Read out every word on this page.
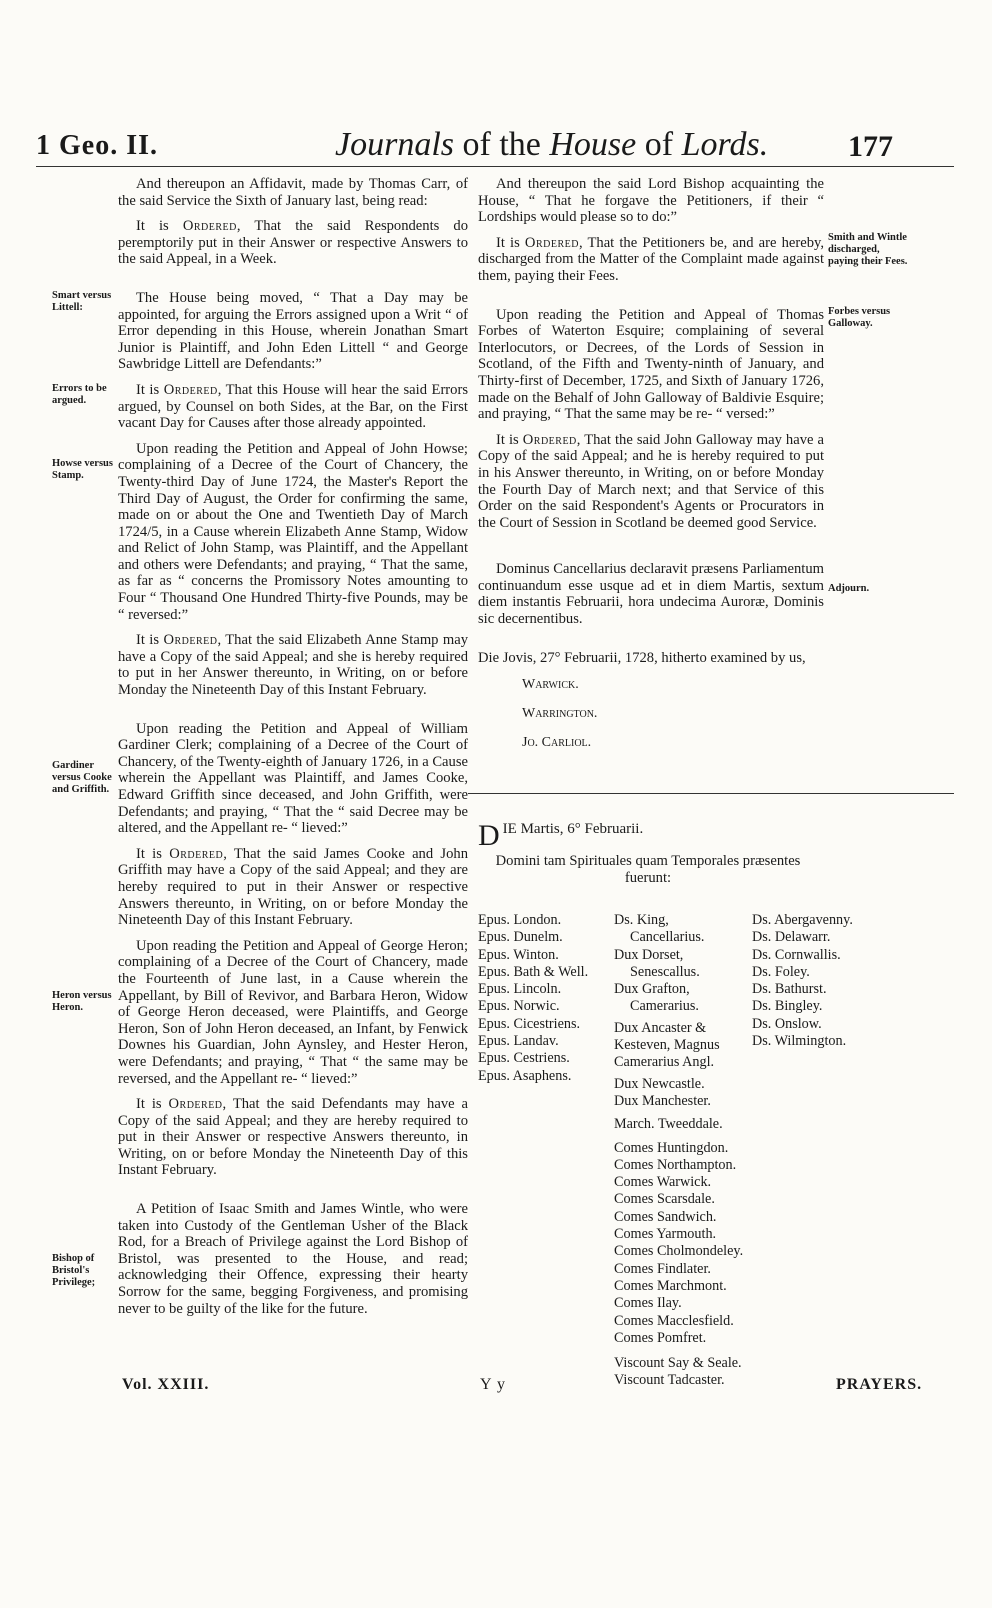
1 Geo. II.	Journals of the House of Lords.	177
Smart versus Littell:
Errors to be argued.
Howse versus Stamp.
Gardiner versus Cooke and Griffith.
Heron versus Heron.
Bishop of Bristol's Privilege;
Smith and Wintle discharged, paying their Fees.
Forbes versus Galloway.
Adjourn.

And thereupon an Affidavit, made by Thomas Carr, of the said Service the Sixth of January last, being read:

It is Ordered, That the said Respondents do peremptorily put in their Answer or respective Answers to the said Appeal, in a Week.

The House being moved, “ That a Day may be appointed, for arguing the Errors assigned upon a Writ “ of Error depending in this House, wherein Jonathan Smart Junior is Plaintiff, and John Eden Littell “ and George Sawbridge Littell are Defendants:”

It is Ordered, That this House will hear the said Errors argued, by Counsel on both Sides, at the Bar, on the First vacant Day for Causes after those already appointed.

Upon reading the Petition and Appeal of John Howse; complaining of a Decree of the Court of Chancery, the Twenty-third Day of June 1724, the Master's Report the Third Day of August, the Order for confirming the same, made on or about the One and Twentieth Day of March 1724/5, in a Cause wherein Elizabeth Anne Stamp, Widow and Relict of John Stamp, was Plaintiff, and the Appellant and others were Defendants; and praying, “ That the same, as far as “ concerns the Promissory Notes amounting to Four “ Thousand One Hundred Thirty-five Pounds, may be “ reversed:”

It is Ordered, That the said Elizabeth Anne Stamp may have a Copy of the said Appeal; and she is hereby required to put in her Answer thereunto, in Writing, on or before Monday the Nineteenth Day of this Instant February.

Upon reading the Petition and Appeal of William Gardiner Clerk; complaining of a Decree of the Court of Chancery, of the Twenty-eighth of January 1726, in a Cause wherein the Appellant was Plaintiff, and James Cooke, Edward Griffith since deceased, and John Griffith, were Defendants; and praying, “ That the “ said Decree may be altered, and the Appellant re- “ lieved:”

It is Ordered, That the said James Cooke and John Griffith may have a Copy of the said Appeal; and they are hereby required to put in their Answer or respective Answers thereunto, in Writing, on or before Monday the Nineteenth Day of this Instant February.

Upon reading the Petition and Appeal of George Heron; complaining of a Decree of the Court of Chancery, made the Fourteenth of June last, in a Cause wherein the Appellant, by Bill of Revivor, and Barbara Heron, Widow of George Heron deceased, were Plaintiffs, and George Heron, Son of John Heron deceased, an Infant, by Fenwick Downes his Guardian, John Aynsley, and Hester Heron, were Defendants; and praying, “ That “ the same may be reversed, and the Appellant re- “ lieved:”

It is Ordered, That the said Defendants may have a Copy of the said Appeal; and they are hereby required to put in their Answer or respective Answers thereunto, in Writing, on or before Monday the Nineteenth Day of this Instant February.

A Petition of Isaac Smith and James Wintle, who were taken into Custody of the Gentleman Usher of the Black Rod, for a Breach of Privilege against the Lord Bishop of Bristol, was presented to the House, and read; acknowledging their Offence, expressing their hearty Sorrow for the same, begging Forgiveness, and promising never to be guilty of the like for the future.

And thereupon the said Lord Bishop acquainting the House, “ That he forgave the Petitioners, if their “ Lordships would please so to do:”

It is Ordered, That the Petitioners be, and are hereby, discharged from the Matter of the Complaint made against them, paying their Fees.

Upon reading the Petition and Appeal of Thomas Forbes of Waterton Esquire; complaining of several Interlocutors, or Decrees, of the Lords of Session in Scotland, of the Fifth and Twenty-ninth of January, and Thirty-first of December, 1725, and Sixth of January 1726, made on the Behalf of John Galloway of Baldivie Esquire; and praying, “ That the same may be re- “ versed:”

It is Ordered, That the said John Galloway may have a Copy of the said Appeal; and he is hereby required to put in his Answer thereunto, in Writing, on or before Monday the Fourth Day of March next; and that Service of this Order on the said Respondent's Agents or Procurators in the Court of Session in Scotland be deemed good Service.

Dominus Cancellarius declaravit præsens Parliamentum continuandum esse usque ad et in diem Martis, sextum diem instantis Februarii, hora undecima Auroræ, Dominis sic decernentibus.

Die Jovis, 27° Februarii, 1728, hitherto examined by us,

Warwick.

Warrington.

Jo. Carliol.

DIE Martis, 6° Februarii.
Domini tam Spirituales quam Temporales præsentes fuerunt:
Epus. London.
Epus. Dunelm.
Epus. Winton.
Epus. Bath & Well.
Epus. Lincoln.
Epus. Norwic.
Epus. Cicestriens.
Epus. Landav.
Epus. Cestriens.
Epus. Asaphens.
Ds. King,
Cancellarius.
Dux Dorset,
Senescallus.
Dux Grafton,
Camerarius.
Dux Ancaster & Kesteven, Magnus Camerarius Angl.
Dux Newcastle.
Dux Manchester.
March. Tweeddale.
Comes Huntingdon.
Comes Northampton.
Comes Warwick.
Comes Scarsdale.
Comes Sandwich.
Comes Yarmouth.
Comes Cholmondeley.
Comes Findlater.
Comes Marchmont.
Comes Ilay.
Comes Macclesfield.
Comes Pomfret.
Viscount Say & Seale.
Viscount Tadcaster.
Ds. Abergavenny.
Ds. Delawarr.
Ds. Cornwallis.
Ds. Foley.
Ds. Bathurst.
Ds. Bingley.
Ds. Onslow.
Ds. Wilmington.
Vol. XXIII.	Y y	PRAYERS.
